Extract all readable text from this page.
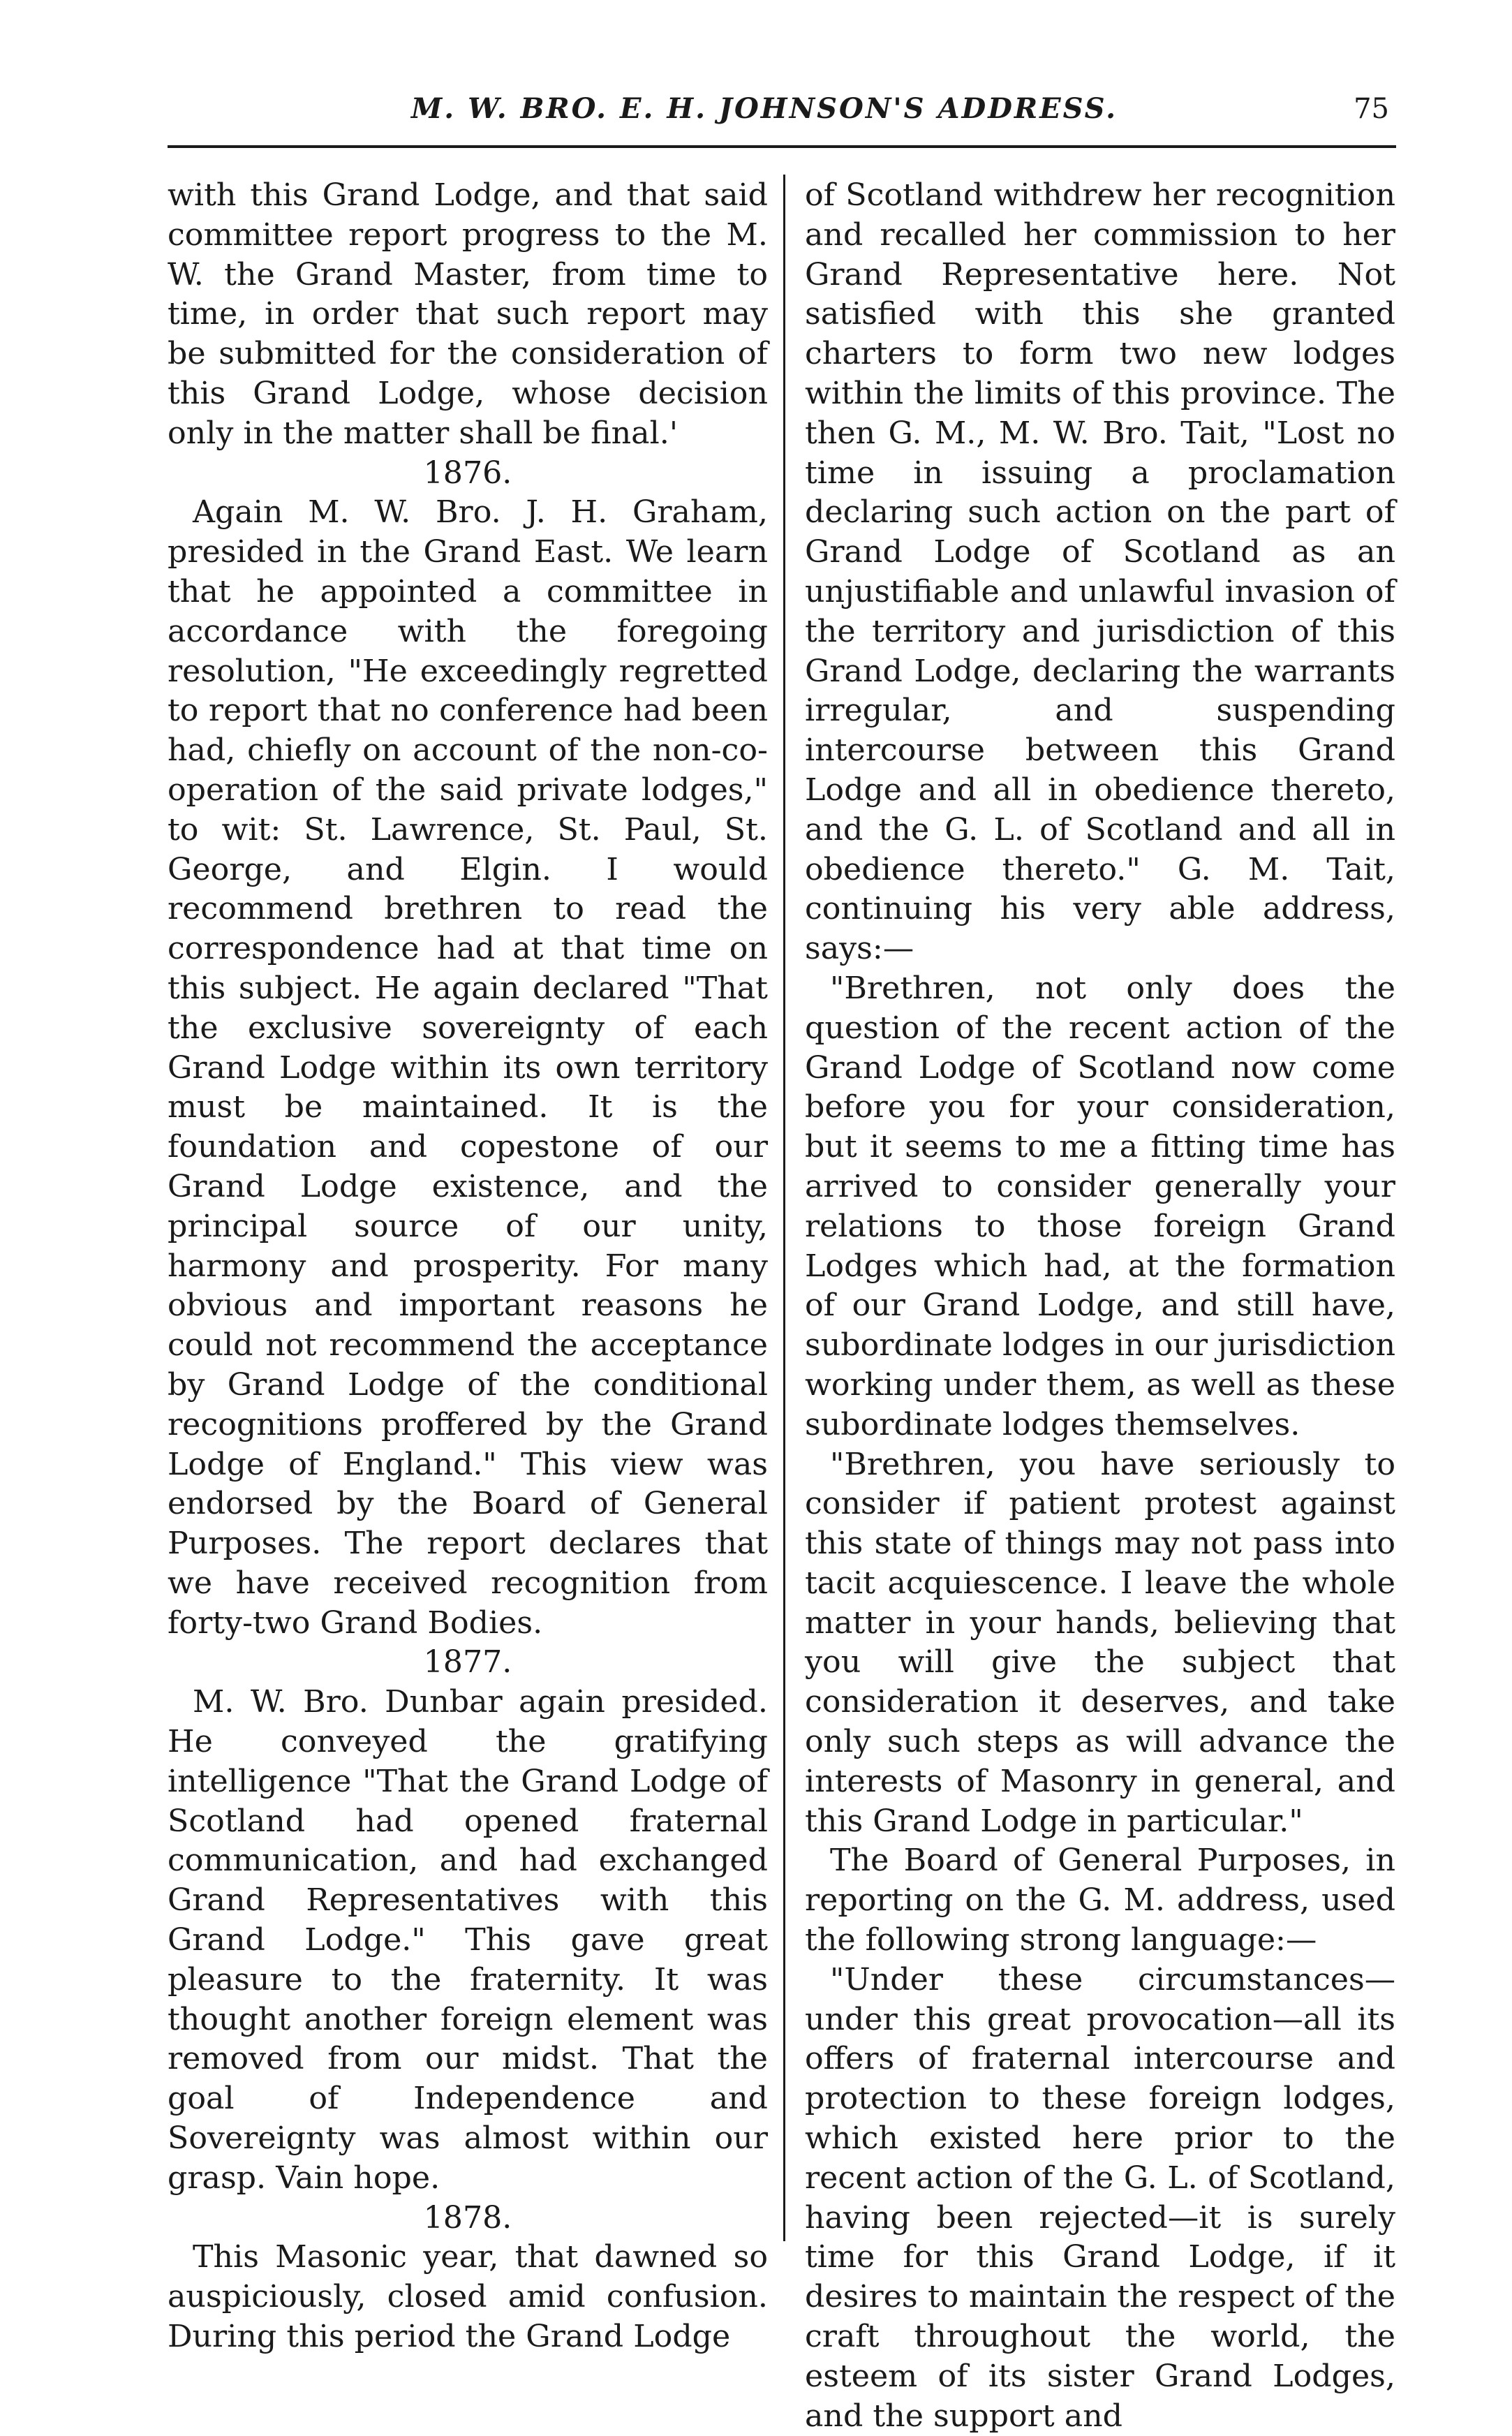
M. W. BRO. E. H. JOHNSON'S ADDRESS.	75

with this Grand Lodge, and that said committee report progress to the M. W. the Grand Master, from time to time, in order that such report may be submitted for the consideration of this Grand Lodge, whose decision only in the matter shall be final.'

1876.

Again M. W. Bro. J. H. Graham, presided in the Grand East. We learn that he appointed a committee in accordance with the foregoing resolution, "He exceedingly regretted to report that no conference had been had, chiefly on account of the non-co-operation of the said private lodges," to wit: St. Lawrence, St. Paul, St. George, and Elgin. I would recommend brethren to read the correspondence had at that time on this subject. He again declared "That the exclusive sovereignty of each Grand Lodge within its own territory must be maintained. It is the foundation and copestone of our Grand Lodge existence, and the principal source of our unity, harmony and prosperity. For many obvious and important reasons he could not recommend the acceptance by Grand Lodge of the conditional recognitions proffered by the Grand Lodge of England." This view was endorsed by the Board of General Purposes. The report declares that we have received recognition from forty-two Grand Bodies.

1877.

M. W. Bro. Dunbar again presided. He conveyed the gratifying intelligence "That the Grand Lodge of Scotland had opened fraternal communication, and had exchanged Grand Representatives with this Grand Lodge." This gave great pleasure to the fraternity. It was thought another foreign element was removed from our midst. That the goal of Independence and Sovereignty was almost within our grasp. Vain hope.

1878.

This Masonic year, that dawned so auspiciously, closed amid confusion. During this period the Grand Lodge

of Scotland withdrew her recognition and recalled her commission to her Grand Representative here. Not satisfied with this she granted charters to form two new lodges within the limits of this province. The then G. M., M. W. Bro. Tait, "Lost no time in issuing a proclamation declaring such action on the part of Grand Lodge of Scotland as an unjustifiable and unlawful invasion of the territory and jurisdiction of this Grand Lodge, declaring the warrants irregular, and suspending intercourse between this Grand Lodge and all in obedience thereto, and the G. L. of Scotland and all in obedience thereto." G. M. Tait, continuing his very able address, says:—

"Brethren, not only does the question of the recent action of the Grand Lodge of Scotland now come before you for your consideration, but it seems to me a fitting time has arrived to consider generally your relations to those foreign Grand Lodges which had, at the formation of our Grand Lodge, and still have, subordinate lodges in our jurisdiction working under them, as well as these subordinate lodges themselves.

"Brethren, you have seriously to consider if patient protest against this state of things may not pass into tacit acquiescence. I leave the whole matter in your hands, believing that you will give the subject that consideration it deserves, and take only such steps as will advance the interests of Masonry in general, and this Grand Lodge in particular."

The Board of General Purposes, in reporting on the G. M. address, used the following strong language:—

"Under these circumstances—under this great provocation—all its offers of fraternal intercourse and protection to these foreign lodges, which existed here prior to the recent action of the G. L. of Scotland, having been rejected—it is surely time for this Grand Lodge, if it desires to maintain the respect of the craft throughout the world, the esteem of its sister Grand Lodges, and the support and
